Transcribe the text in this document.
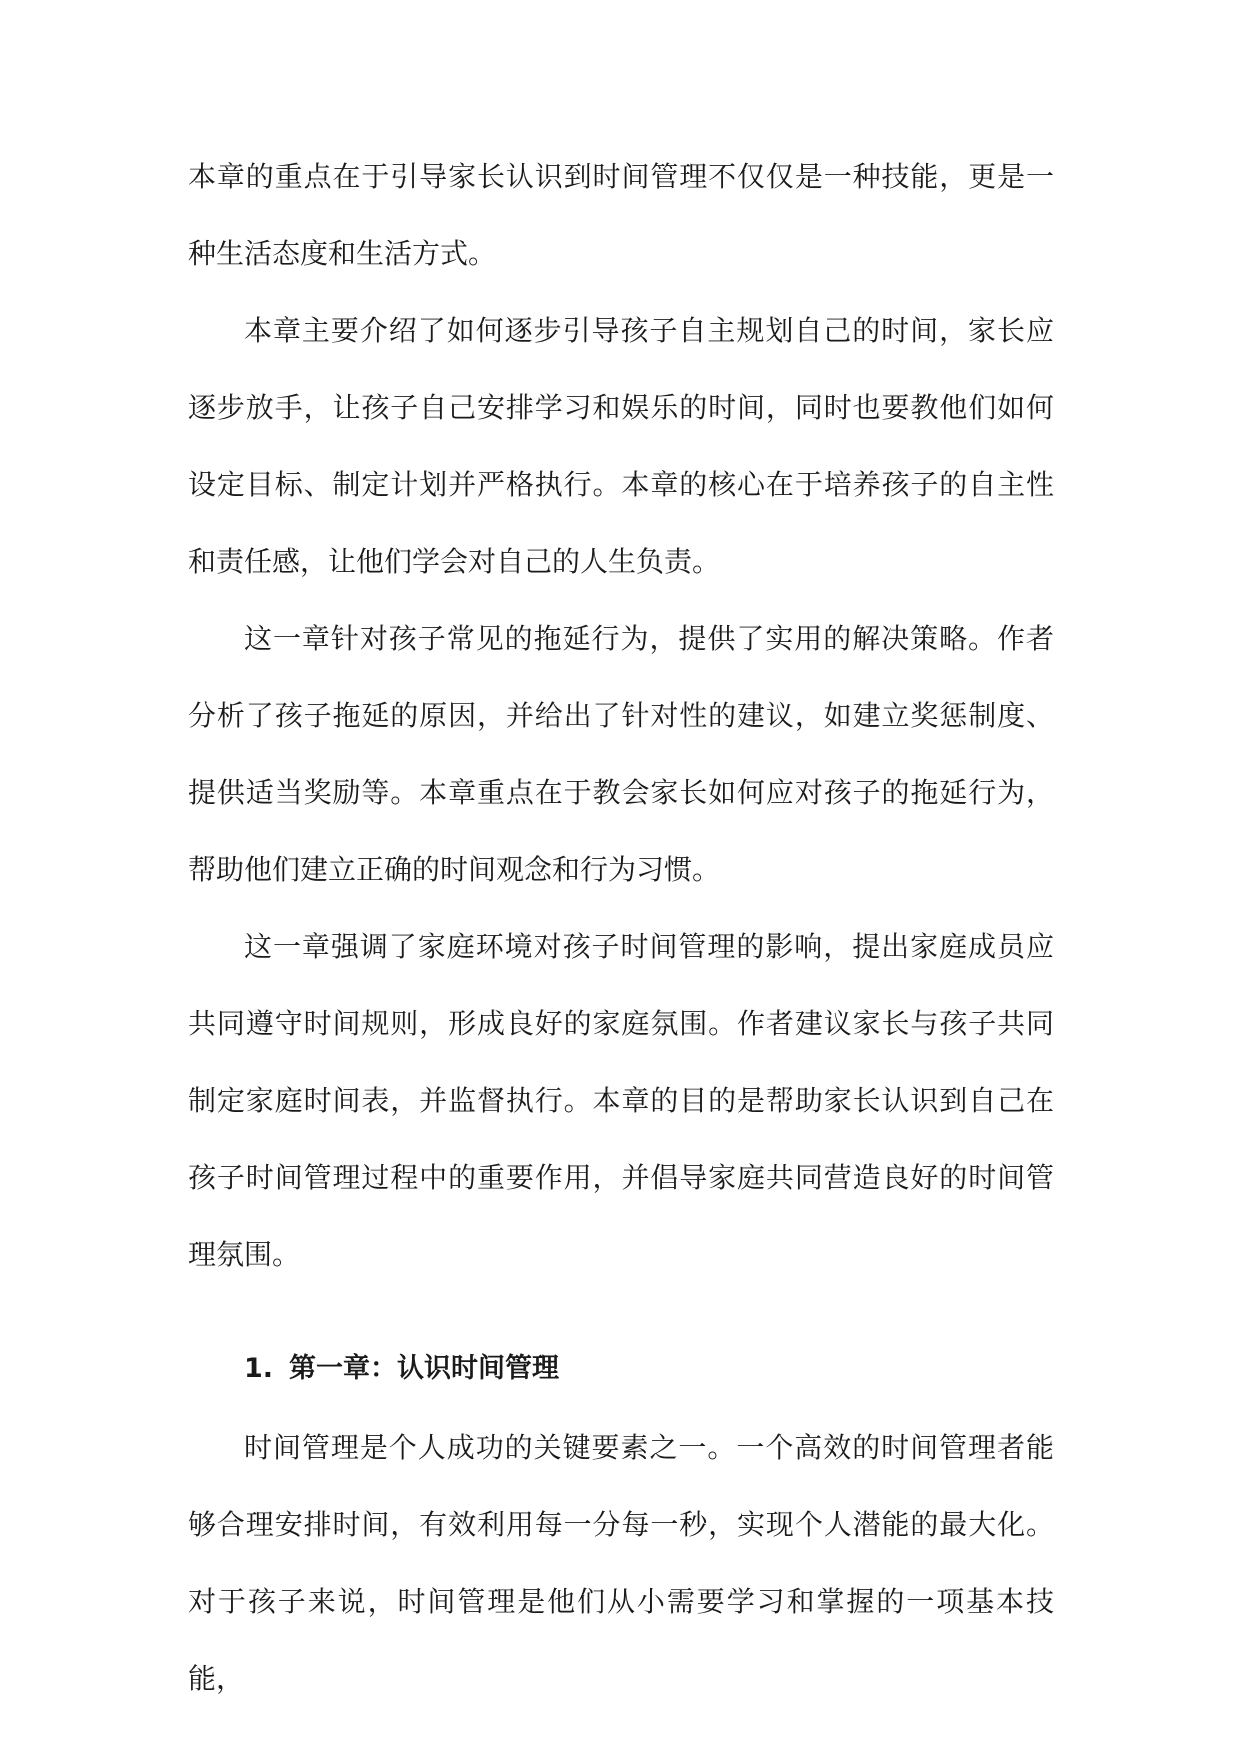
本章的重点在于引导家长认识到时间管理不仅仅是一种技能，更是一种生活态度和生活方式。

本章主要介绍了如何逐步引导孩子自主规划自己的时间，家长应逐步放手，让孩子自己安排学习和娱乐的时间，同时也要教他们如何设定目标、制定计划并严格执行。本章的核心在于培养孩子的自主性和责任感，让他们学会对自己的人生负责。

这一章针对孩子常见的拖延行为，提供了实用的解决策略。作者分析了孩子拖延的原因，并给出了针对性的建议，如建立奖惩制度、提供适当奖励等。本章重点在于教会家长如何应对孩子的拖延行为，帮助他们建立正确的时间观念和行为习惯。

这一章强调了家庭环境对孩子时间管理的影响，提出家庭成员应共同遵守时间规则，形成良好的家庭氛围。作者建议家长与孩子共同制定家庭时间表，并监督执行。本章的目的是帮助家长认识到自己在孩子时间管理过程中的重要作用，并倡导家庭共同营造良好的时间管理氛围。

1. 第一章：认识时间管理

时间管理是个人成功的关键要素之一。一个高效的时间管理者能够合理安排时间，有效利用每一分每一秒，实现个人潜能的最大化。对于孩子来说，时间管理是他们从小需要学习和掌握的一项基本技能，
